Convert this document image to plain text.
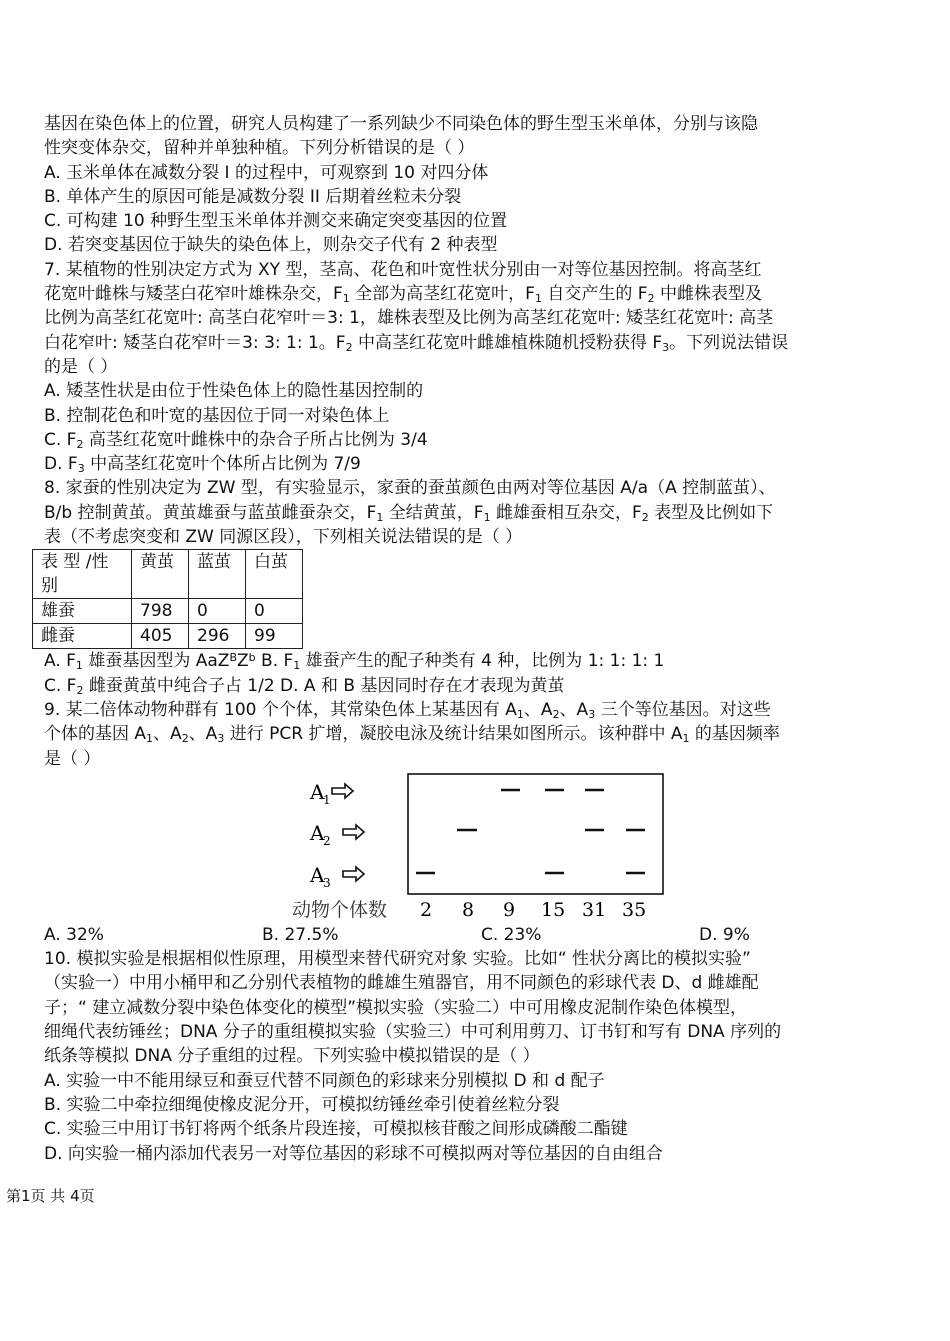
基因在染色体上的位置，研究人员构建了一系列缺少不同染色体的野生型玉米单体，分别与该隐
性突变体杂交，留种并单独种植。下列分析错误的是（ ）
A. 玉米单体在减数分裂 I 的过程中，可观察到 10 对四分体
B. 单体产生的原因可能是减数分裂 II 后期着丝粒未分裂
C. 可构建 10 种野生型玉米单体并测交来确定突变基因的位置
D. 若突变基因位于缺失的染色体上，则杂交子代有 2 种表型
7. 某植物的性别决定方式为 XY 型，茎高、花色和叶宽性状分别由一对等位基因控制。将高茎红
花宽叶雌株与矮茎白花窄叶雄株杂交，$F_1$ 全部为高茎红花宽叶，$F_1$ 自交产生的 $F_2$ 中雌株表型及
比例为高茎红花宽叶: 高茎白花窄叶＝3: 1，雄株表型及比例为高茎红花宽叶: 矮茎红花宽叶: 高茎
白花窄叶: 矮茎白花窄叶＝3: 3: 1: 1。$F_2$ 中高茎红花宽叶雌雄植株随机授粉获得 $F_3$。下列说法错误
的是（ ）
A. 矮茎性状是由位于性染色体上的隐性基因控制的
B. 控制花色和叶宽的基因位于同一对染色体上
C. $F_2$ 高茎红花宽叶雌株中的杂合子所占比例为 3/4
D. $F_3$ 中高茎红花宽叶个体所占比例为 7/9
8. 家蚕的性别决定为 ZW 型，有实验显示，家蚕的蚕茧颜色由两对等位基因 A/a（A 控制蓝茧）、
B/b 控制黄茧。黄茧雄蚕与蓝茧雌蚕杂交，$F_1$ 全结黄茧，$F_1$ 雌雄蚕相互杂交，$F_2$ 表型及比例如下
表（不考虑突变和 ZW 同源区段），下列相关说法错误的是（ ）
表 型 /性别	黄茧	蓝茧	白茧
雄蚕	798	0	0
雌蚕	405	296	99
A. $F_1$ 雄蚕基因型为 $AaZ^BZ^b$ B. $F_1$ 雄蚕产生的配子种类有 4 种，比例为 1: 1: 1: 1
C. $F_2$ 雌蚕黄茧中纯合子占 1/2 D. A 和 B 基因同时存在才表现为黄茧
9. 某二倍体动物种群有 100 个个体，其常染色体上某基因有 $A_1$、$A_2$、$A_3$ 三个等位基因。对这些
个体的基因 $A_1$、$A_2$、$A_3$ 进行 PCR 扩增，凝胶电泳及统计结果如图所示。该种群中 $A_1$ 的基因频率
是（ ）
A
1
A
2
A
3
动物个体数 2 8 9 15 31 35
A. 32%	B. 27.5%	C. 23%	D. 9%
10. 模拟实验是根据相似性原理，用模型来替代研究对象 实验。比如“ 性状分离比的模拟实验”
（实验一）中用小桶甲和乙分别代表植物的雌雄生殖器官，用不同颜色的彩球代表 D、d 雌雄配
子；“ 建立减数分裂中染色体变化的模型”模拟实验（实验二）中可用橡皮泥制作染色体模型，
细绳代表纺锤丝；DNA 分子的重组模拟实验（实验三）中可利用剪刀、订书钉和写有 DNA 序列的
纸条等模拟 DNA 分子重组的过程。下列实验中模拟错误的是（ ）
A. 实验一中不能用绿豆和蚕豆代替不同颜色的彩球来分别模拟 D 和 d 配子
B. 实验二中牵拉细绳使橡皮泥分开，可模拟纺锤丝牵引使着丝粒分裂
C. 实验三中用订书钉将两个纸条片段连接，可模拟核苷酸之间形成磷酸二酯键
D. 向实验一桶内添加代表另一对等位基因的彩球不可模拟两对等位基因的自由组合
第1页 共 4页
